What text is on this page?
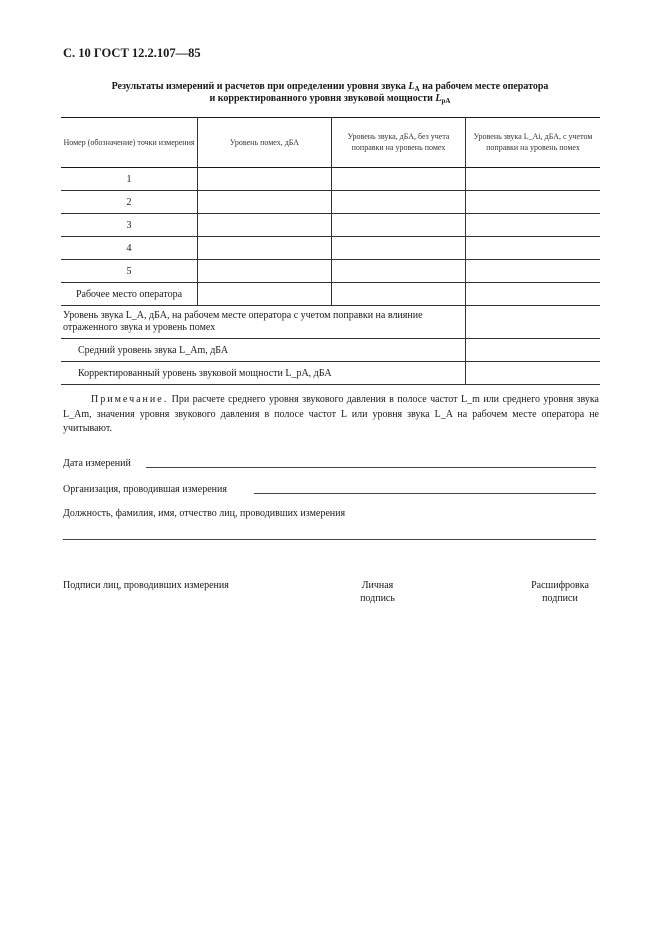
С. 10 ГОСТ 12.2.107—85
Результаты измерений и расчетов при определении уровня звука $L_A$ на рабочем месте оператора
и корректированного уровня звуковой мощности $L_{pA}$
Номер (обозначение) точки измерения	Уровень помех, дБА
Уровень звука, дБА, без учета поправки на уровень помех
Уровень звука L_Ai, дБА, с учетом поправки на уровень помех
1
2
3
4
5
Рабочее место оператора
Уровень звука L_A, дБА, на рабочем месте оператора с учетом поправки на влияние отраженного звука и уровень помех
Средний уровень звука L_Am, дБА
Корректированный уровень звуковой мощности L_pA, дБА
Примечание. При расчете среднего уровня звукового давления в полосе частот L_m или среднего уровня звука L_Am, значения уровня звукового давления в полосе частот L или уровня звука L_A на рабочем месте оператора не учитывают.
Дата измерений
Организация, проводившая измерения
Должность, фамилия, имя, отчество лиц, проводивших измерения
Подписи лиц, проводивших измерения	Личная
подпись
Расшифровка
подписи
